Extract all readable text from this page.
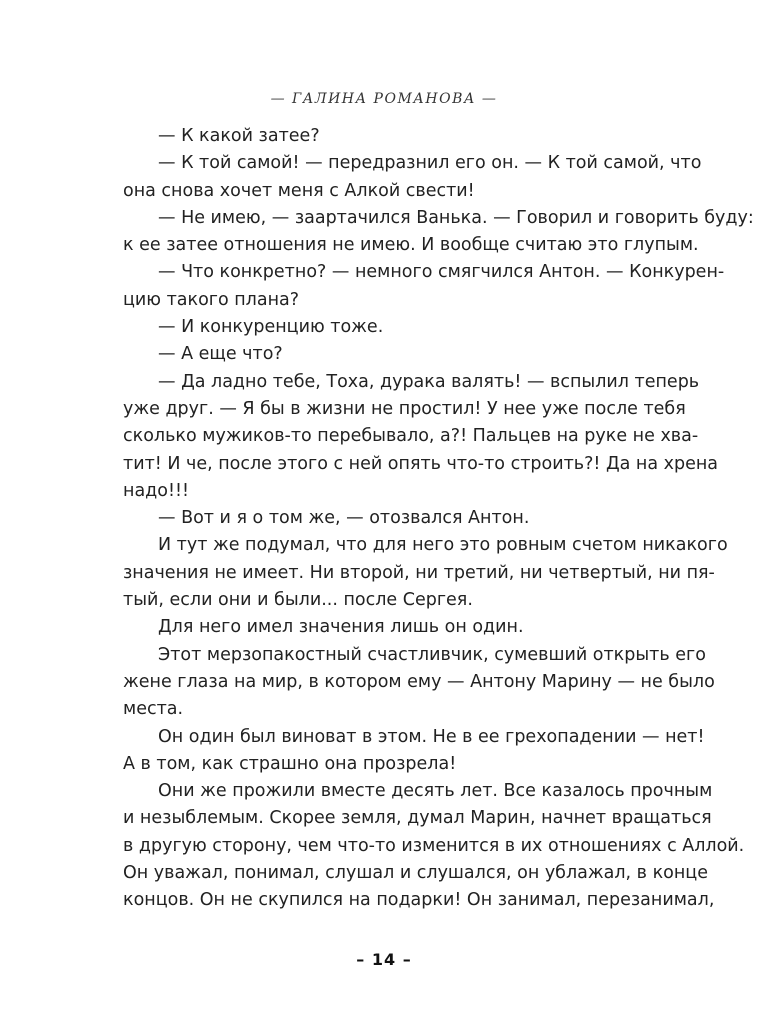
— ГАЛИНА РОМАНОВА —
— К какой затее?
— К той самой! — передразнил его он. — К той самой, что
она снова хочет меня с Алкой свести!
— Не имею, — заартачился Ванька. — Говорил и говорить буду:
к ее затее отношения не имею. И вообще считаю это глупым.
— Что конкретно? — немного смягчился Антон. — Конкурен-
цию такого плана?
— И конкуренцию тоже.
— А еще что?
— Да ладно тебе, Тоха, дурака валять! — вспылил теперь
уже друг. — Я бы в жизни не простил! У нее уже после тебя
сколько мужиков-то перебывало, а?! Пальцев на руке не хва-
тит! И че, после этого с ней опять что-то строить?! Да на хрена
надо!!!
— Вот и я о том же, — отозвался Антон.
И тут же подумал, что для него это ровным счетом никакого
значения не имеет. Ни второй, ни третий, ни четвертый, ни пя-
тый, если они и были... после Сергея.
Для него имел значения лишь он один.
Этот мерзопакостный счастливчик, сумевший открыть его
жене глаза на мир, в котором ему — Антону Марину — не было
места.
Он один был виноват в этом. Не в ее грехопадении — нет!
А в том, как страшно она прозрела!
Они же прожили вместе десять лет. Все казалось прочным
и незыблемым. Скорее земля, думал Марин, начнет вращаться
в другую сторону, чем что-то изменится в их отношениях с Аллой.
Он уважал, понимал, слушал и слушался, он ублажал, в конце
концов. Он не скупился на подарки! Он занимал, перезанимал,
– 14 –
